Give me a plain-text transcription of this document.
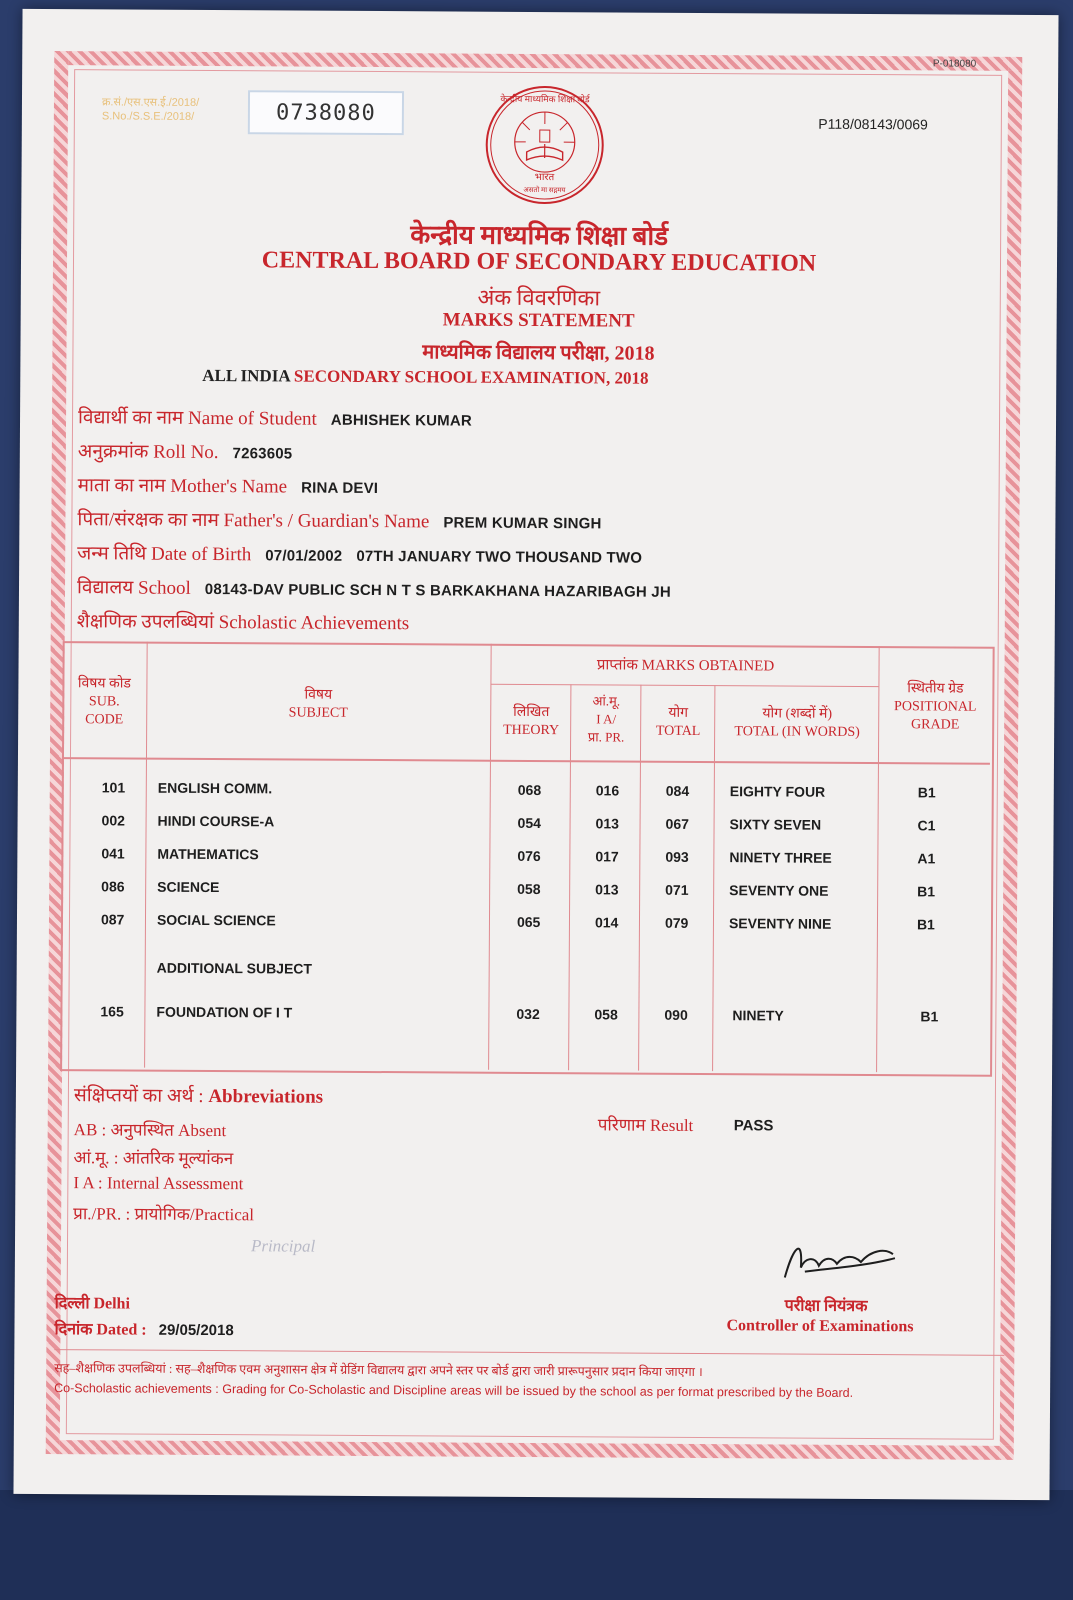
P-018080
क्र.सं./एस.एस.ई./2018/
S.No./S.S.E./2018/	0738080	P118/08143/0069
केन्द्रीय माध्यमिक शिक्षा बोर्ड
भारत
असतो मा सद्गमय
केन्द्रीय माध्यमिक शिक्षा बोर्ड
CENTRAL BOARD OF SECONDARY EDUCATION
अंक विवरणिका
MARKS STATEMENT
माध्यमिक विद्यालय परीक्षा, 2018
ALL INDIA SECONDARY SCHOOL EXAMINATION, 2018
विद्यार्थी का नाम Name of Student ABHISHEK KUMAR
अनुक्रमांक Roll No. 7263605
माता का नाम Mother's Name RINA DEVI
पिता/संरक्षक का नाम Father's / Guardian's Name PREM KUMAR SINGH
जन्म तिथि Date of Birth 07/01/2002 07TH JANUARY TWO THOUSAND TWO
विद्यालय School 08143-DAV PUBLIC SCH N T S BARKAKHANA HAZARIBAGH JH
शैक्षणिक उपलब्धियां Scholastic Achievements
विषय कोड
SUB.
CODE
विषय
SUBJECT
प्राप्तांक MARKS OBTAINED
लिखित
THEORY
आं.मू.
I A/
प्रा. PR.
योग
TOTAL
योग (शब्दों में)
TOTAL (IN WORDS)
स्थितीय ग्रेड
POSITIONAL
GRADE
101 ENGLISH COMM.	068	016	084	EIGHTY FOUR	B1
002 HINDI COURSE-A	054	013	067	SIXTY SEVEN	C1
041 MATHEMATICS	076	017	093	NINETY THREE	A1
086 SCIENCE	058	013	071	SEVENTY ONE	B1
087 SOCIAL SCIENCE	065	014	079	SEVENTY NINE	B1
ADDITIONAL SUBJECT
165 FOUNDATION OF I T	032	058	090	NINETY	B1
संक्षिप्तयों का अर्थ : Abbreviations
AB : अनुपस्थित Absent
आं.मू. : आंतरिक मूल्यांकन
I A : Internal Assessment
प्रा./PR. : प्रायोगिक/Practical
परिणाम Result	PASS
Principal
दिल्ली Delhi
दिनांक Dated : 29/05/2018
परीक्षा नियंत्रक
Controller of Examinations
सह–शैक्षणिक उपलब्धियां : सह–शैक्षणिक एवम अनुशासन क्षेत्र में ग्रेडिंग विद्यालय द्वारा अपने स्तर पर बोर्ड द्वारा जारी प्रारूपनुसार प्रदान किया जाएगा ।
Co-Scholastic achievements : Grading for Co-Scholastic and Discipline areas will be issued by the school as per format prescribed by the Board.
